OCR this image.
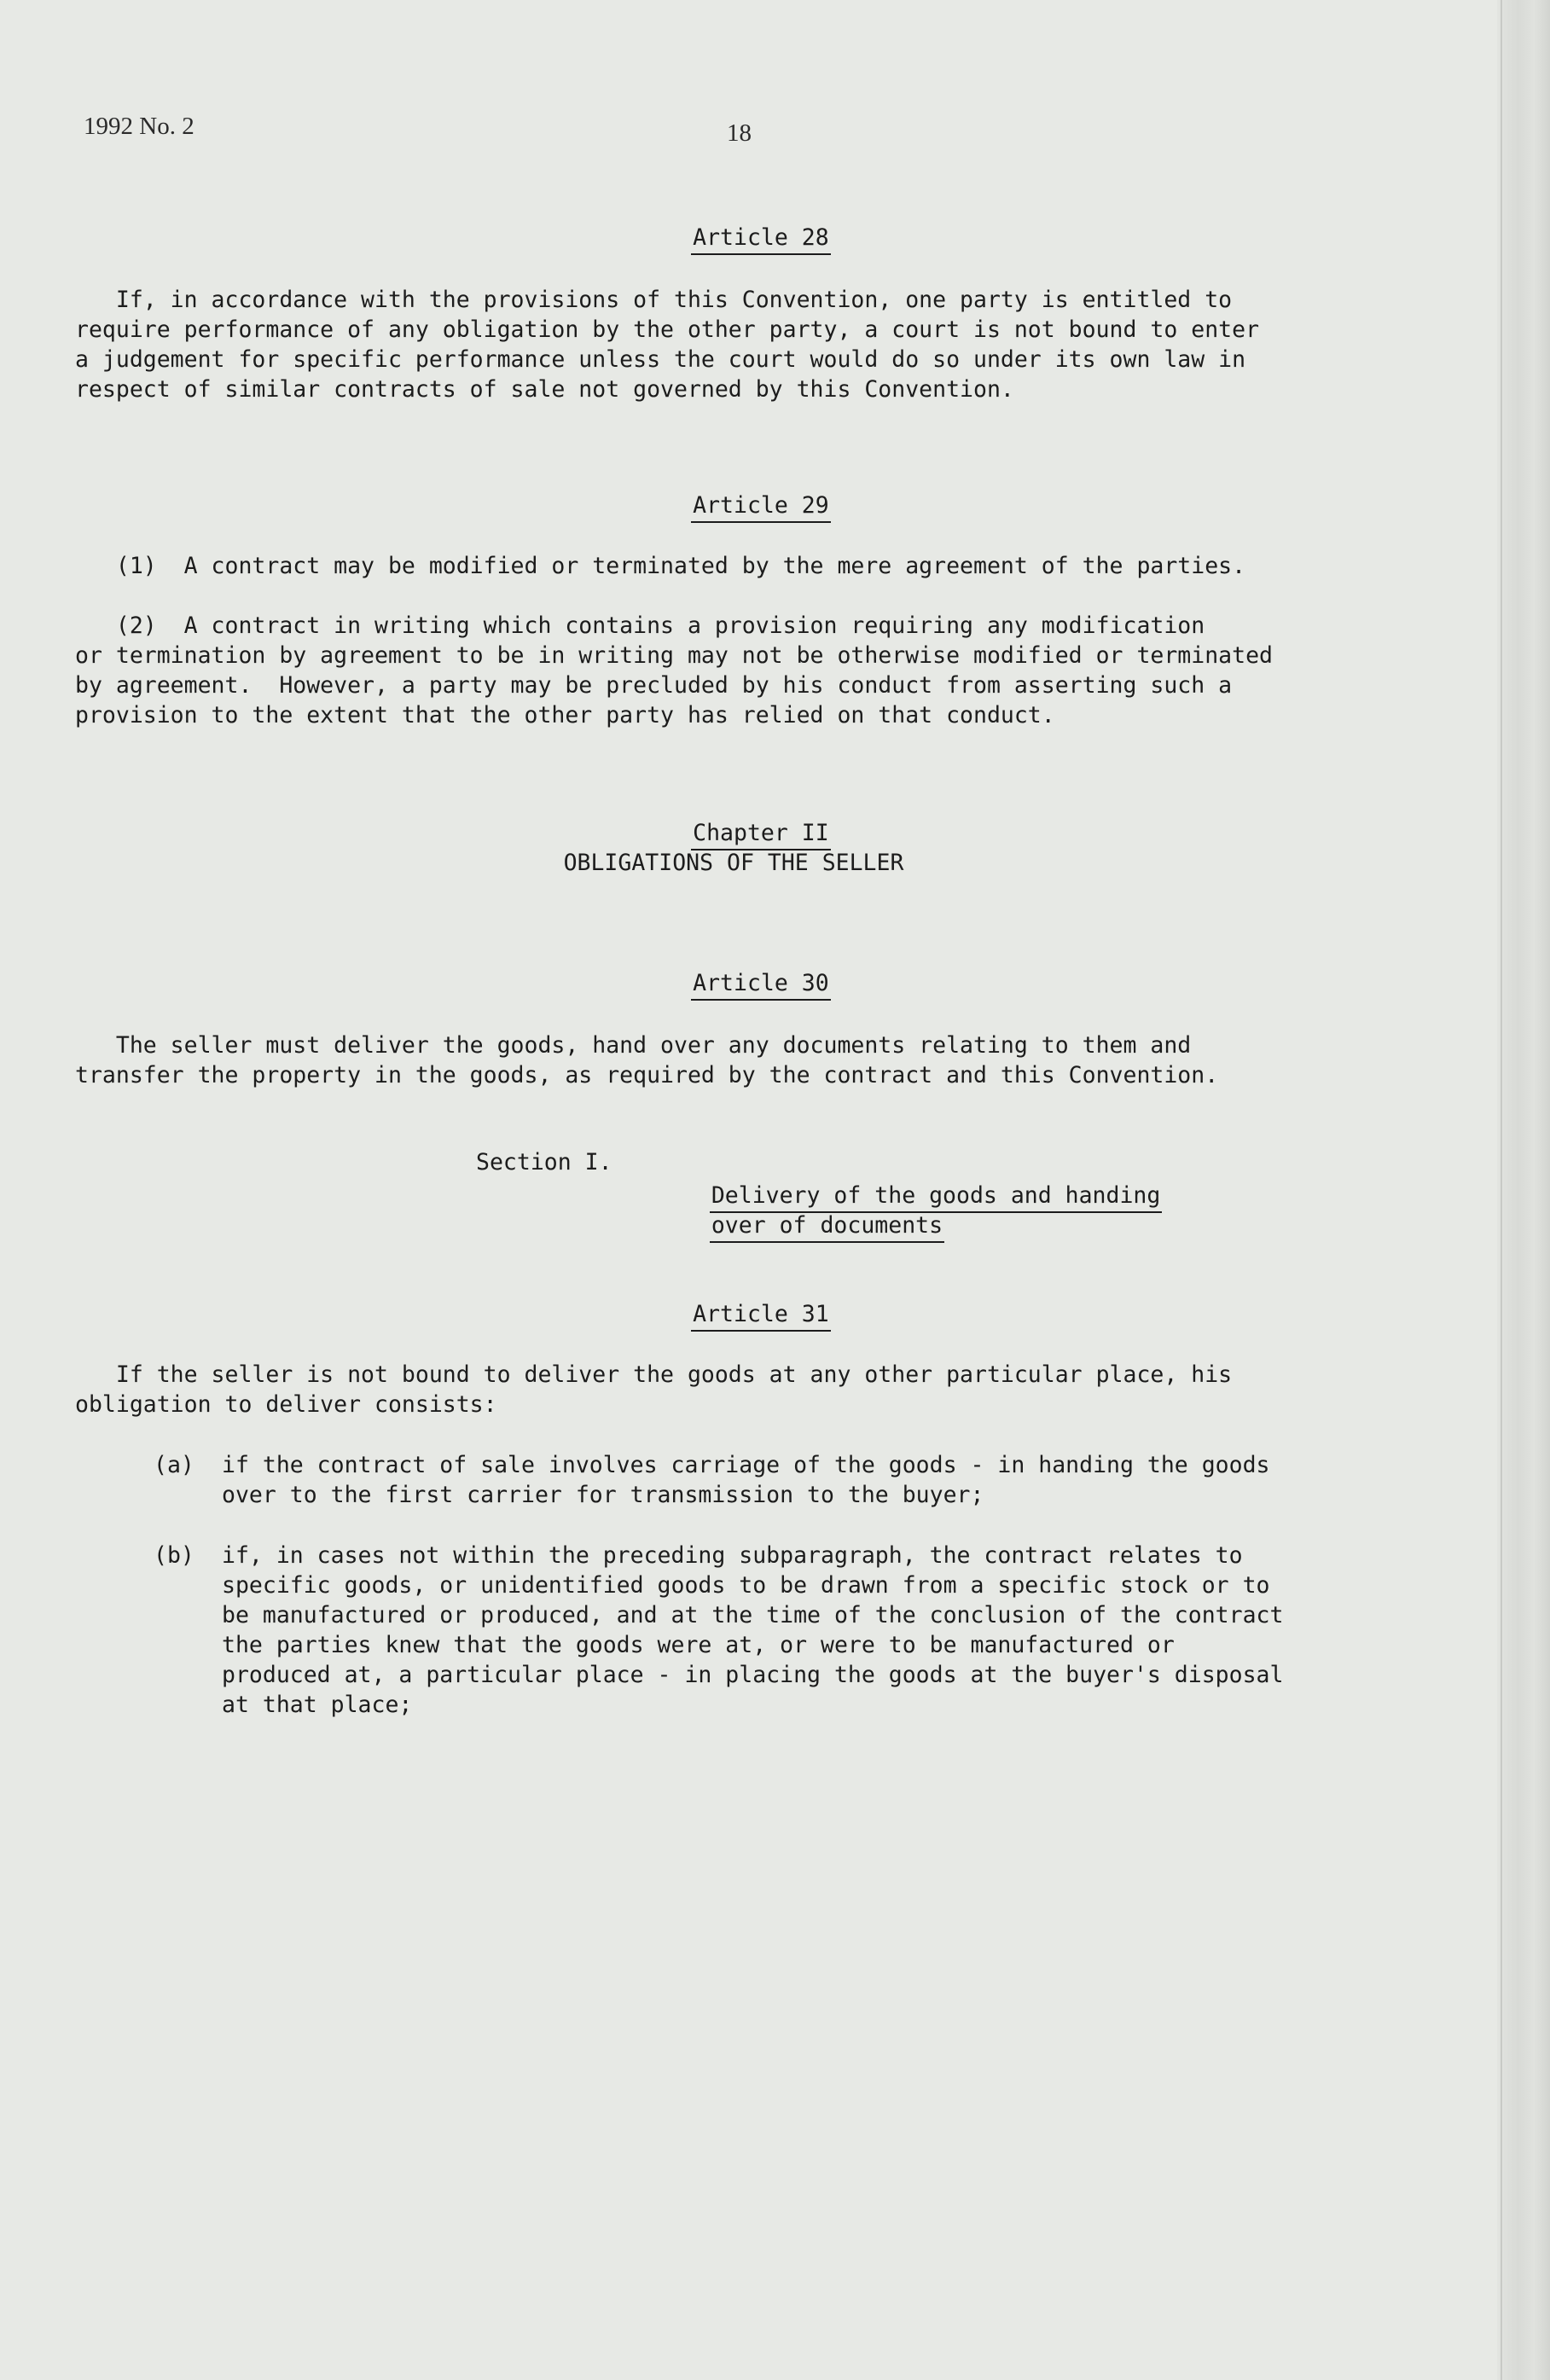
1992 No. 2	18

Article 28

If, in accordance with the provisions of this Convention, one party is entitled to
require performance of any obligation by the other party, a court is not bound to enter
a judgement for specific performance unless the court would do so under its own law in
respect of similar contracts of sale not governed by this Convention.

Article 29

(1)  A contract may be modified or terminated by the mere agreement of the parties.
(2)  A contract in writing which contains a provision requiring any modification
or termination by agreement to be in writing may not be otherwise modified or terminated
by agreement.  However, a party may be precluded by his conduct from asserting such a
provision to the extent that the other party has relied on that conduct.

Chapter II

OBLIGATIONS OF THE SELLER

Article 30

The seller must deliver the goods, hand over any documents relating to them and
transfer the property in the goods, as required by the contract and this Convention.
Section I.

Delivery of the goods and handing

over of documents

Article 31

If the seller is not bound to deliver the goods at any other particular place, his
obligation to deliver consists:
(a) if the contract of sale involves carriage of the goods - in handing the goods
over to the first carrier for transmission to the buyer;
(b) if, in cases not within the preceding subparagraph, the contract relates to
specific goods, or unidentified goods to be drawn from a specific stock or to
be manufactured or produced, and at the time of the conclusion of the contract
the parties knew that the goods were at, or were to be manufactured or
produced at, a particular place - in placing the goods at the buyer's disposal
at that place;
